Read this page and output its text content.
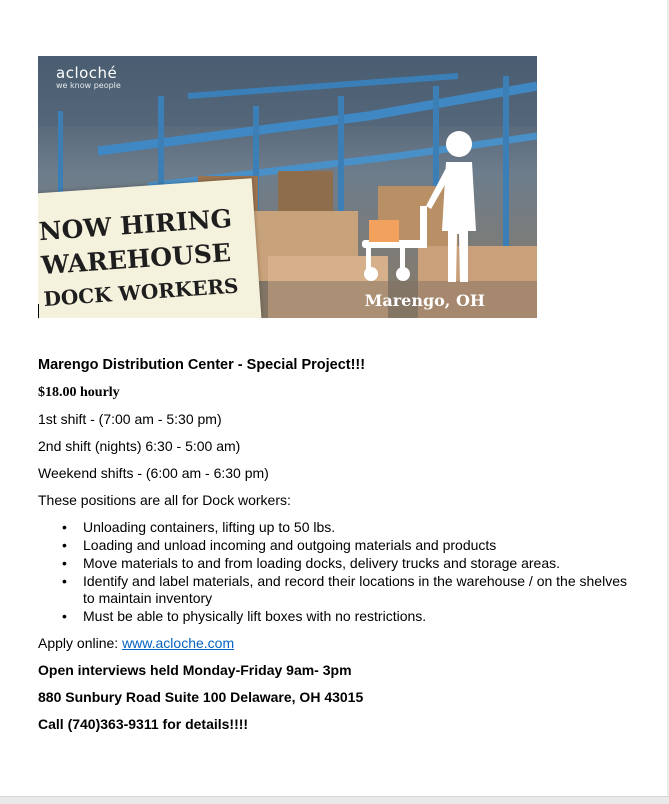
acloché
we know people
NOW HIRING
WAREHOUSE
DOCK WORKERS	Marengo, OH

Marengo Distribution Center - Special Project!!!

$18.00 hourly

1st shift - (7:00 am - 5:30 pm)

2nd shift (nights) 6:30 - 5:00 am)

Weekend shifts - (6:00 am - 6:30 pm)

These positions are all for Dock workers:

• Unloading containers, lifting up to 50 lbs.
• Loading and unload incoming and outgoing materials and products
• Move materials to and from loading docks, delivery trucks and storage areas.
• Identify and label materials, and record their locations in the warehouse / on the shelves
to maintain inventory
• Must be able to physically lift boxes with no restrictions.

Apply online: www.acloche.com

Open interviews held Monday-Friday 9am- 3pm

880 Sunbury Road Suite 100 Delaware, OH 43015

Call (740)363-9311 for details!!!!
